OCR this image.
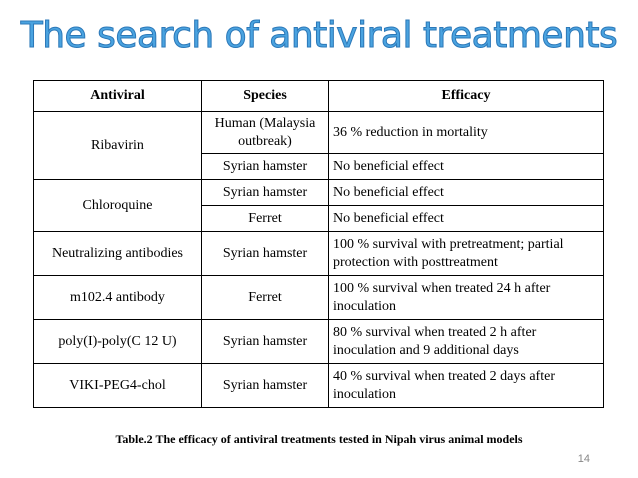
The search of antiviral treatments
Antiviral	Species	Efficacy
Ribavirin	Human (Malaysia outbreak)	36 % reduction in mortality
	Syrian hamster	No beneficial effect
Chloroquine	Syrian hamster	No beneficial effect
	Ferret	No beneficial effect
Neutralizing antibodies	Syrian hamster	100 % survival with pretreatment; partial protection with posttreatment
m102.4 antibody	Ferret	100 % survival when treated 24 h after inoculation
poly(I)-poly(C 12 U)	Syrian hamster	80 % survival when treated 2 h after inoculation and 9 additional days
VIKI-PEG4-chol	Syrian hamster	40 % survival when treated 2 days after inoculation
Table.2 The efficacy of antiviral treatments tested in Nipah virus animal models
14
